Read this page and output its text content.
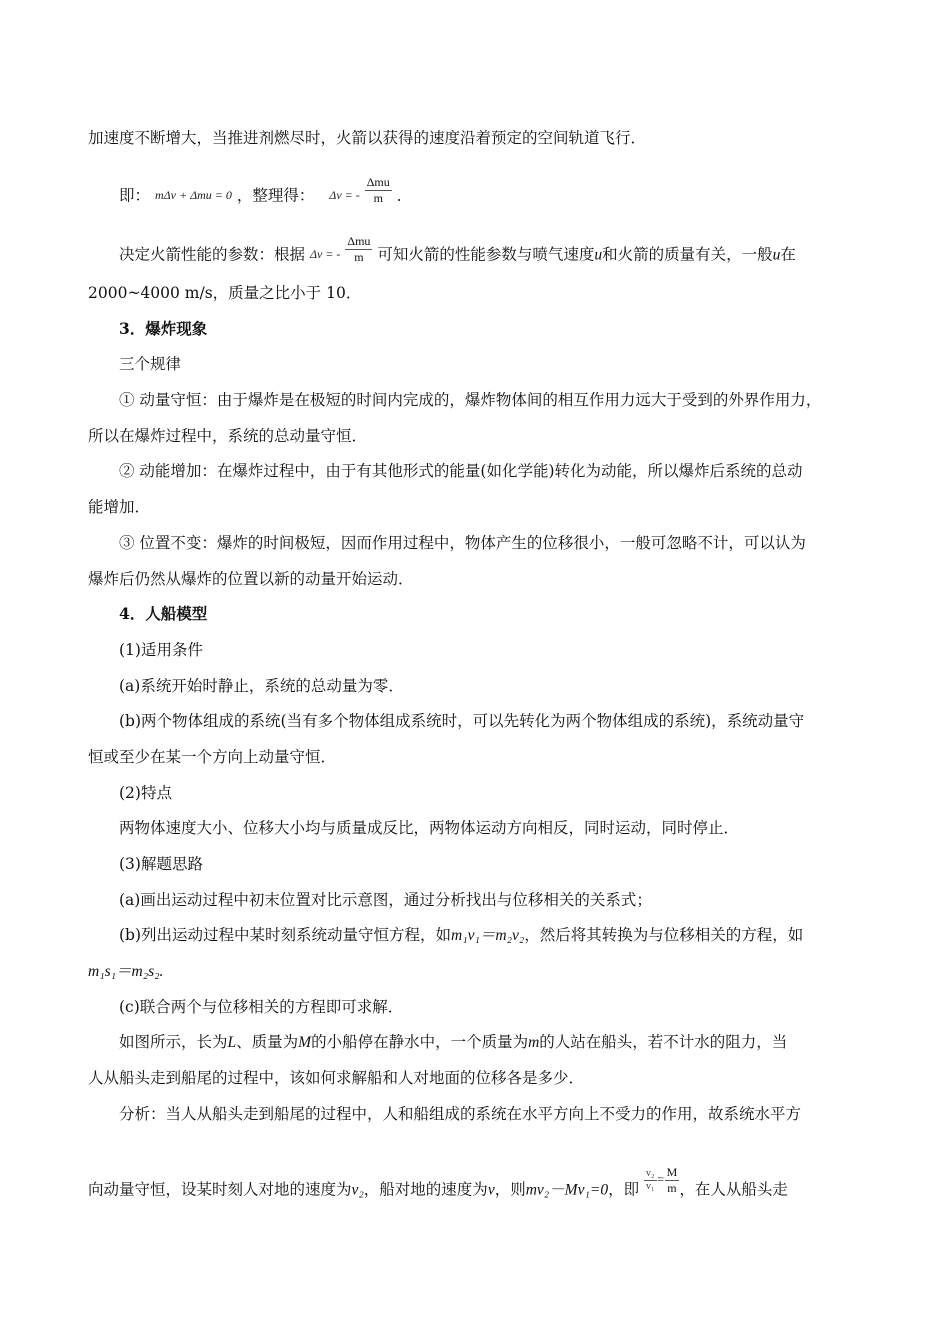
加速度不断增大，当推进剂燃尽时，火箭以获得的速度沿着预定的空间轨道飞行．
即： mΔv + Δmu = 0 ，整理得： Δv = - $\frac{\text{Δmu}}{m}$ ．
决定火箭性能的参数：根据 Δv = - $\frac{\text{Δmu}}{m}$ 可知火箭的性能参数与喷气速度u和火箭的质量有关，一般u在
2000~4000 m/s，质量之比小于 10．
3．爆炸现象
三个规律
① 动量守恒：由于爆炸是在极短的时间内完成的，爆炸物体间的相互作用力远大于受到的外界作用力，
所以在爆炸过程中，系统的总动量守恒．
② 动能增加：在爆炸过程中，由于有其他形式的能量(如化学能)转化为动能，所以爆炸后系统的总动
能增加．
③ 位置不变：爆炸的时间极短，因而作用过程中，物体产生的位移很小，一般可忽略不计，可以认为
爆炸后仍然从爆炸的位置以新的动量开始运动．
4．人船模型
(1)适用条件
(a)系统开始时静止，系统的总动量为零．
(b)两个物体组成的系统(当有多个物体组成系统时，可以先转化为两个物体组成的系统)，系统动量守
恒或至少在某一个方向上动量守恒．
(2)特点
两物体速度大小、位移大小均与质量成反比，两物体运动方向相反，同时运动，同时停止．
(3)解题思路
(a)画出运动过程中初末位置对比示意图，通过分析找出与位移相关的关系式；
(b)列出运动过程中某时刻系统动量守恒方程，如m₁v₁＝m₂v₂，然后将其转换为与位移相关的方程，如
m₁s₁＝m₂s₂.
(c)联合两个与位移相关的方程即可求解．
如图所示，长为L、质量为M的小船停在静水中，一个质量为m的人站在船头，若不计水的阻力，当
人从船头走到船尾的过程中，该如何求解船和人对地面的位移各是多少．
分析：当人从船头走到船尾的过程中，人和船组成的系统在水平方向上不受力的作用，故系统水平方
向动量守恒，设某时刻人对地的速度为v₂，船对地的速度为v，则mv₂－Mv₁=0，即 $\frac{\text{v₂}}{\text{v₁}} ^= \frac{M}{m}$ ，在人从船头走
